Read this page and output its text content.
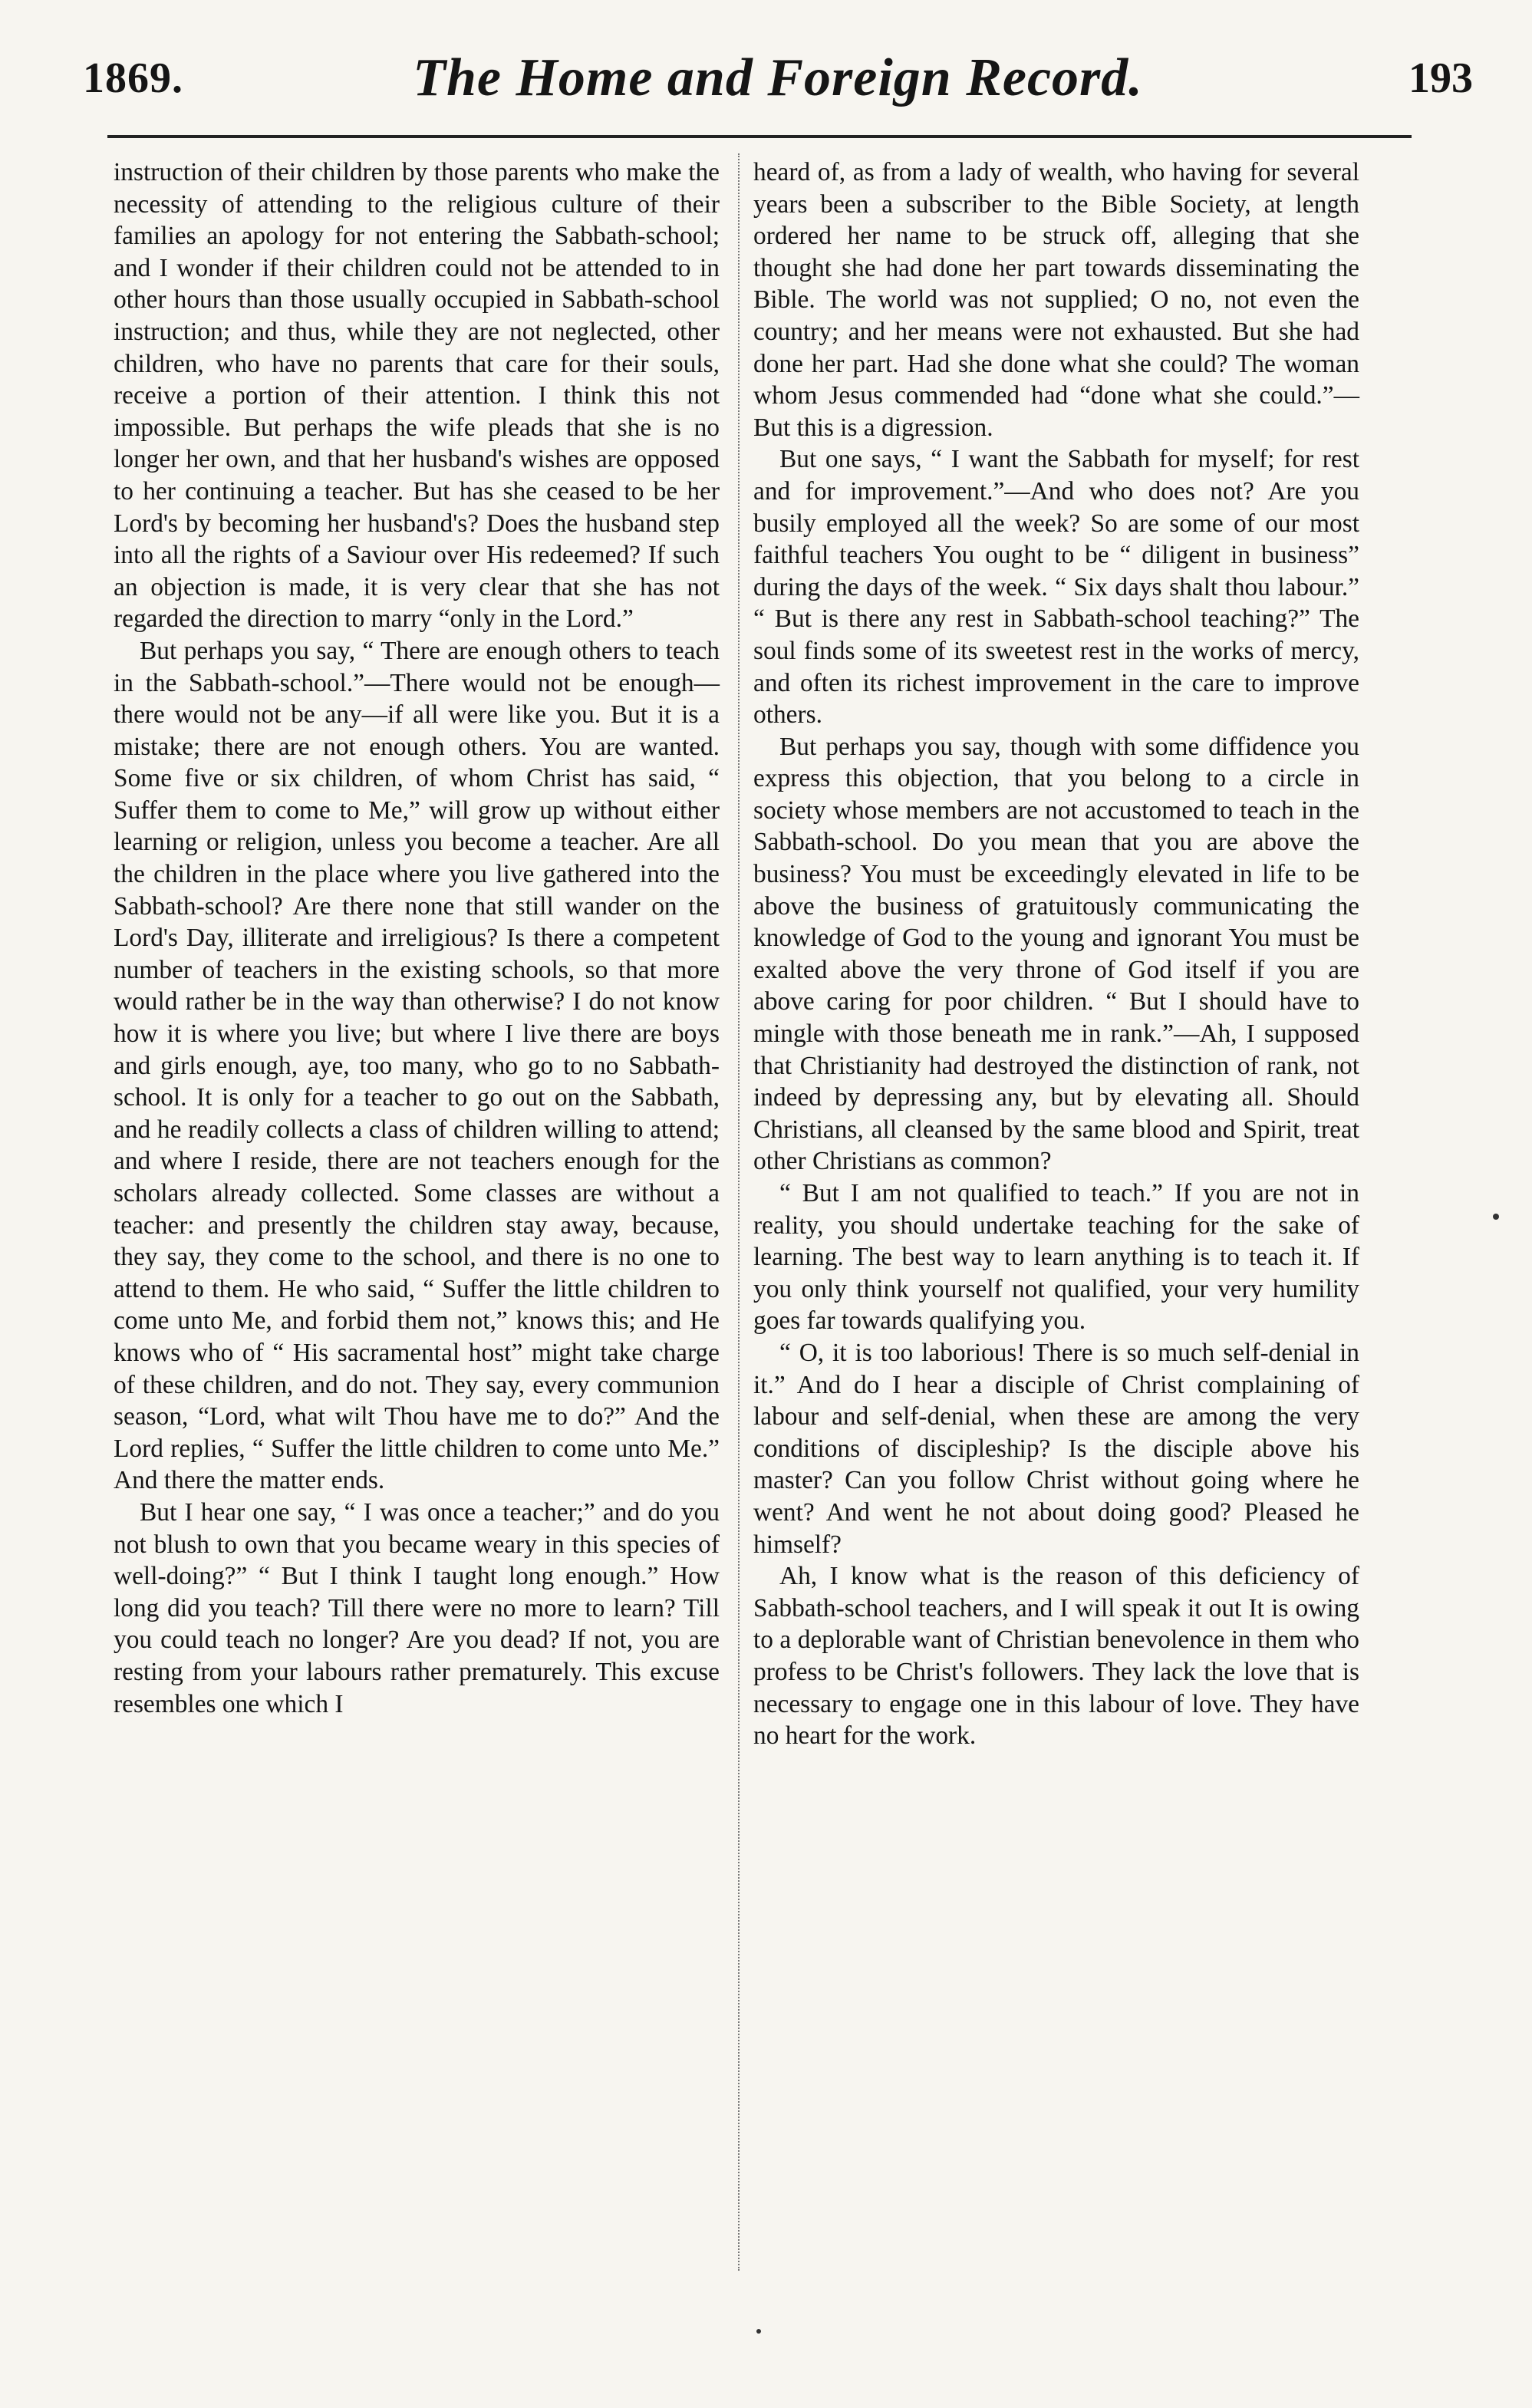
1869.	The Home and Foreign Record.	193

instruction of their children by those parents who make the necessity of attending to the religious culture of their families an apology for not entering the Sabbath-school; and I wonder if their children could not be attended to in other hours than those usually occupied in Sabbath-school instruction; and thus, while they are not neglected, other children, who have no parents that care for their souls, receive a portion of their attention. I think this not impossible. But perhaps the wife pleads that she is no longer her own, and that her husband's wishes are opposed to her continuing a teacher. But has she ceased to be her Lord's by becoming her husband's? Does the husband step into all the rights of a Saviour over His redeemed? If such an objection is made, it is very clear that she has not regarded the direction to marry “only in the Lord.”

But perhaps you say, “ There are enough others to teach in the Sabbath-school.”—There would not be enough—there would not be any—if all were like you. But it is a mistake; there are not enough others. You are wanted. Some five or six children, of whom Christ has said, “ Suffer them to come to Me,” will grow up without either learning or religion, unless you become a teacher. Are all the children in the place where you live gathered into the Sabbath-school? Are there none that still wander on the Lord's Day, illiterate and irreligious? Is there a competent number of teachers in the existing schools, so that more would rather be in the way than otherwise? I do not know how it is where you live; but where I live there are boys and girls enough, aye, too many, who go to no Sabbath-school. It is only for a teacher to go out on the Sabbath, and he readily collects a class of children willing to attend; and where I reside, there are not teachers enough for the scholars already collected. Some classes are without a teacher: and presently the children stay away, because, they say, they come to the school, and there is no one to attend to them. He who said, “ Suffer the little children to come unto Me, and forbid them not,” knows this; and He knows who of “ His sacramental host” might take charge of these children, and do not. They say, every communion season, “Lord, what wilt Thou have me to do?” And the Lord replies, “ Suffer the little children to come unto Me.” And there the matter ends.

But I hear one say, “ I was once a teacher;” and do you not blush to own that you became weary in this species of well-doing?” “ But I think I taught long enough.” How long did you teach? Till there were no more to learn? Till you could teach no longer? Are you dead? If not, you are resting from your labours rather prematurely. This excuse resembles one which I

heard of, as from a lady of wealth, who having for several years been a subscriber to the Bible Society, at length ordered her name to be struck off, alleging that she thought she had done her part towards disseminating the Bible. The world was not supplied; O no, not even the country; and her means were not exhausted. But she had done her part. Had she done what she could? The woman whom Jesus commended had “done what she could.”—But this is a digression.

But one says, “ I want the Sabbath for myself; for rest and for improvement.”—And who does not? Are you busily employed all the week? So are some of our most faithful teachers You ought to be “ diligent in business” during the days of the week. “ Six days shalt thou labour.” “ But is there any rest in Sabbath-school teaching?” The soul finds some of its sweetest rest in the works of mercy, and often its richest improvement in the care to improve others.

But perhaps you say, though with some diffidence you express this objection, that you belong to a circle in society whose members are not accustomed to teach in the Sabbath-school. Do you mean that you are above the business? You must be exceedingly elevated in life to be above the business of gratuitously communicating the knowledge of God to the young and ignorant You must be exalted above the very throne of God itself if you are above caring for poor children. “ But I should have to mingle with those beneath me in rank.”—Ah, I supposed that Christianity had destroyed the distinction of rank, not indeed by depressing any, but by elevating all. Should Christians, all cleansed by the same blood and Spirit, treat other Christians as common?

“ But I am not qualified to teach.” If you are not in reality, you should undertake teaching for the sake of learning. The best way to learn anything is to teach it. If you only think yourself not qualified, your very humility goes far towards qualifying you.

“ O, it is too laborious! There is so much self-denial in it.” And do I hear a disciple of Christ complaining of labour and self-denial, when these are among the very conditions of discipleship? Is the disciple above his master? Can you follow Christ without going where he went? And went he not about doing good? Pleased he himself?

Ah, I know what is the reason of this deficiency of Sabbath-school teachers, and I will speak it out It is owing to a deplorable want of Christian benevolence in them who profess to be Christ's followers. They lack the love that is necessary to engage one in this labour of love. They have no heart for the work.
